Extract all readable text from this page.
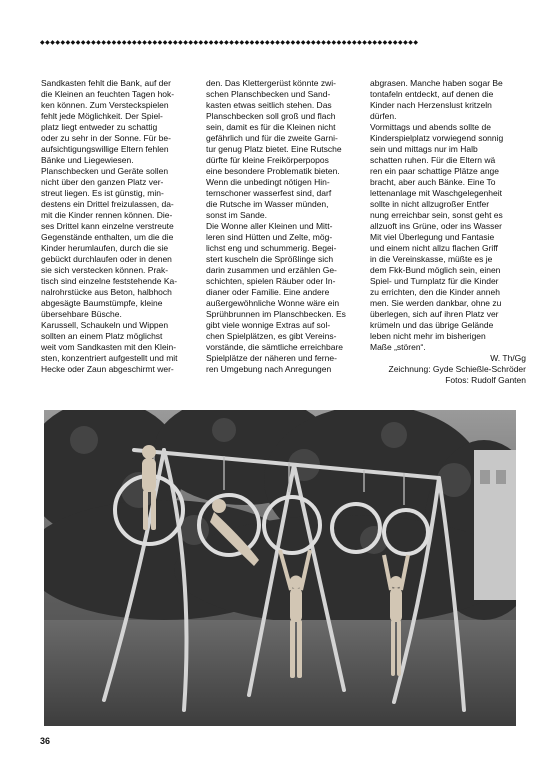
◆◆◆◆◆◆◆◆◆◆◆◆◆◆◆◆◆◆◆◆◆◆◆◆◆◆◆◆◆◆◆◆◆◆◆◆◆◆◆◆◆◆◆◆◆◆◆◆◆◆◆◆◆◆◆◆◆◆◆◆◆◆◆◆◆◆◆◆◆◆◆◆◆◆

Sandkasten fehlt die Bank, auf der
die Kleinen an feuchten Tagen hok-
ken können. Zum Versteckspielen
fehlt jede Möglichkeit. Der Spiel-
platz liegt entweder zu schattig
oder zu sehr in der Sonne. Für be-
aufsichtigungswillige Eltern fehlen
Bänke und Liegewiesen.
Planschbecken und Geräte sollen
nicht über den ganzen Platz ver-
streut liegen. Es ist günstig, min-
destens ein Drittel freizulassen, da-
mit die Kinder rennen können. Die-
ses Drittel kann einzelne verstreute
Gegenstände enthalten, um die die
Kinder herumlaufen, durch die sie
gebückt durchlaufen oder in denen
sie sich verstecken können. Prak-
tisch sind einzelne feststehende Ka-
nalrohrstücke aus Beton, halbhoch
abgesägte Baumstümpfe, kleine
übersehbare Büsche.
Karussell, Schaukeln und Wippen
sollten an einem Platz möglichst
weit vom Sandkasten mit den Klein-
sten, konzentriert aufgestellt und mit
Hecke oder Zaun abgeschirmt wer-

den. Das Klettergerüst könnte zwi-
schen Planschbecken und Sand-
kasten etwas seitlich stehen. Das
Planschbecken soll groß und flach
sein, damit es für die Kleinen nicht
gefährlich und für die zweite Garni-
tur genug Platz bietet. Eine Rutsche
dürfte für kleine Freikörperpopos
eine besondere Problematik bieten.
Wenn die unbedingt nötigen Hin-
ternschoner wasserfest sind, darf
die Rutsche im Wasser münden,
sonst im Sande.
Die Wonne aller Kleinen und Mitt-
leren sind Hütten und Zelte, mög-
lichst eng und schummerig. Begei-
stert kuscheln die Sprößlinge sich
darin zusammen und erzählen Ge-
schichten, spielen Räuber oder In-
dianer oder Familie. Eine andere
außergewöhnliche Wonne wäre ein
Sprühbrunnen im Planschbecken. Es
gibt viele wonnige Extras auf sol-
chen Spielplätzen, es gibt Vereins-
vorstände, die sämtliche erreichbare
Spielplätze der näheren und ferne-
ren Umgebung nach Anregungen

abgrasen. Manche haben sogar Be
tontafeln entdeckt, auf denen die
Kinder nach Herzenslust kritzeln
dürfen.
Vormittags und abends sollte de
Kinderspielplatz vorwiegend sonnig
sein und mittags nur im Halb
schatten ruhen. Für die Eltern wä
ren ein paar schattige Plätze ange
bracht, aber auch Bänke. Eine To
lettenanlage mit Waschgelegenheit
sollte in nicht allzugroßer Entfer
nung erreichbar sein, sonst geht es
allzuoft ins Grüne, oder ins Wasser
Mit viel Überlegung und Fantasie
und einem nicht allzu flachen Griff
in die Vereinskasse, müßte es je
dem Fkk-Bund möglich sein, einen
Spiel- und Turnplatz für die Kinder
zu errichten, den die Kinder anneh
men. Sie werden dankbar, ohne zu
überlegen, sich auf ihren Platz ver
krümeln und das übrige Gelände
leben nicht mehr im bisherigen
Maße „stören“.

W. Th/Gg
Zeichnung: Gyde Schießle-Schröder
Fotos: Rudolf Ganten
36
